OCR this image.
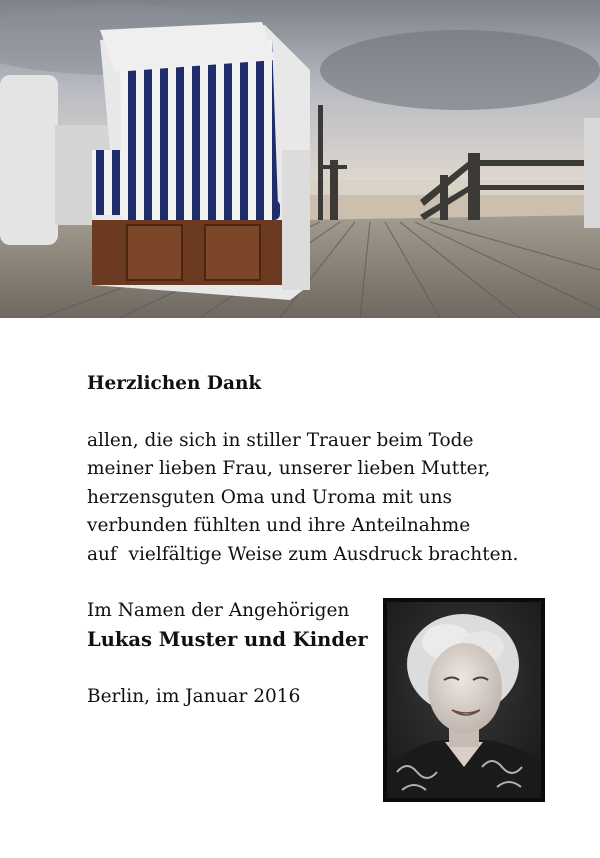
Herzlichen Dank

allen, die sich in stiller Trauer beim Tode

meiner lieben Frau, unserer lieben Mutter,

herzensguten Oma und Uroma mit uns

verbunden fühlten und ihre Anteilnahme

auf  vielfältige Weise zum Ausdruck brachten.

Im Namen der Angehörigen

Lukas Muster und Kinder

Berlin, im Januar 2016
